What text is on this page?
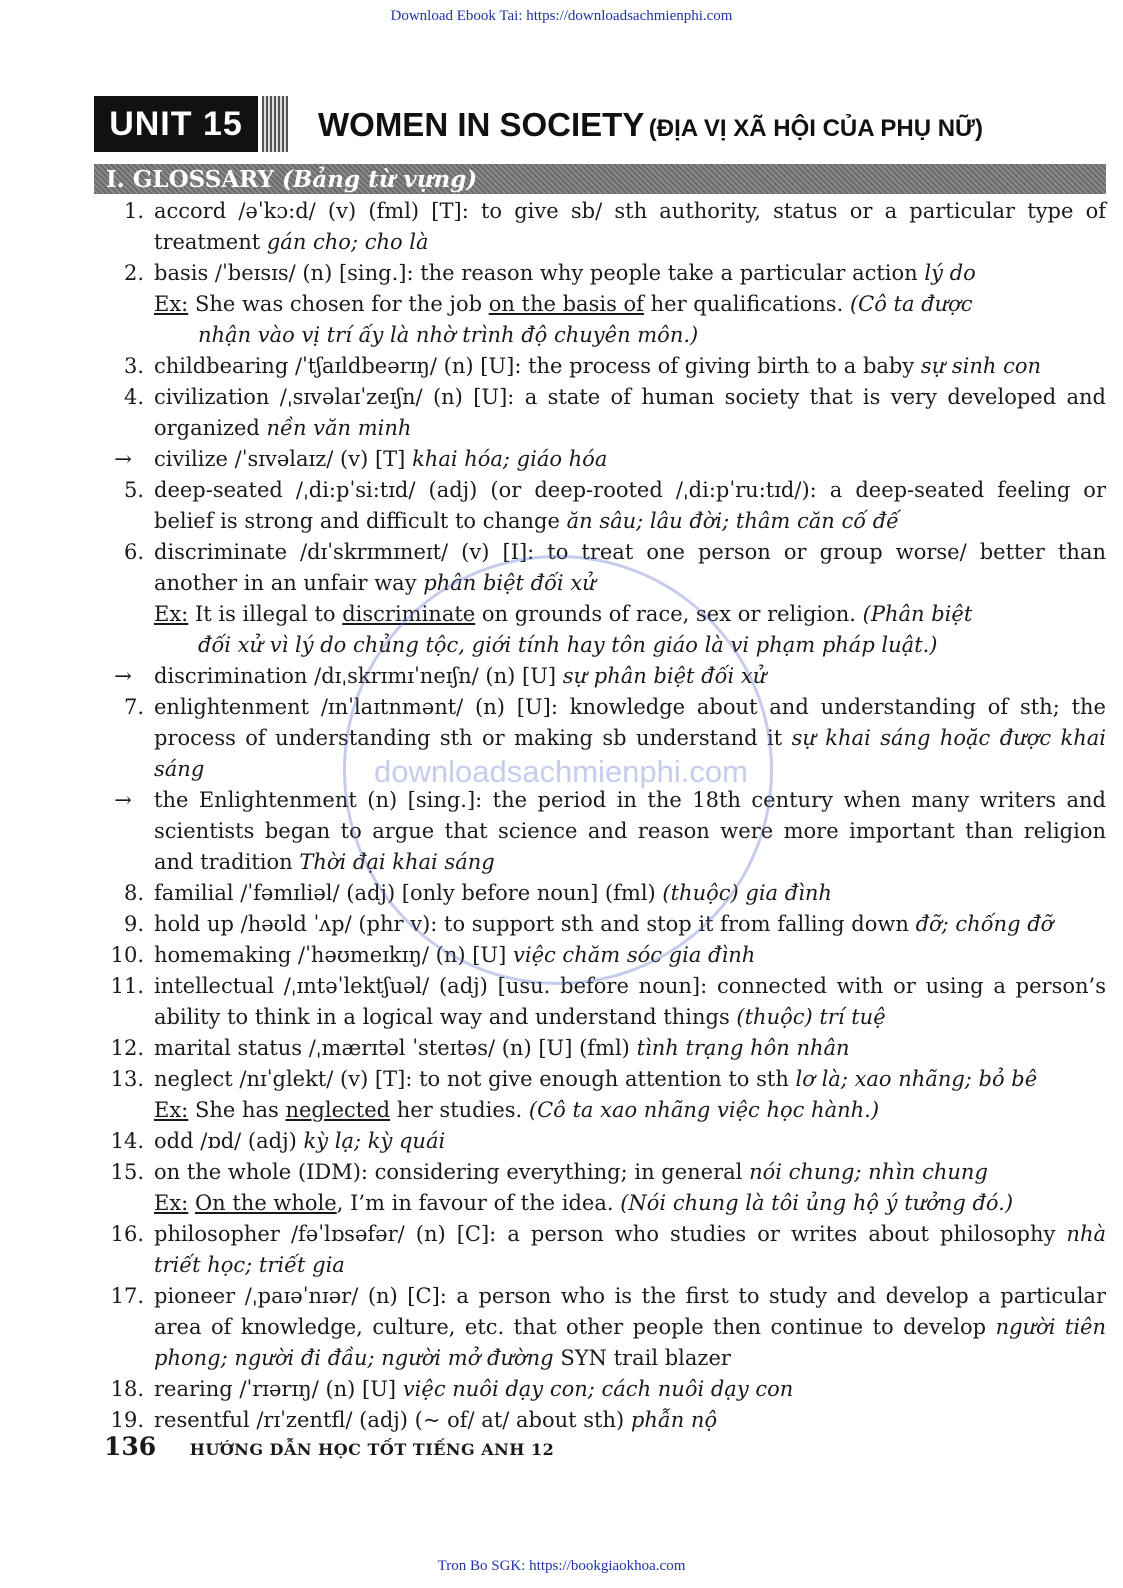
Download Ebook Tai: https://downloadsachmienphi.com
UNIT 15	WOMEN IN SOCIETY (ĐỊA VỊ XÃ HỘI CỦA PHỤ NỮ)
I. GLOSSARY (Bảng từ vựng)
1. accord /əˈkɔ:d/ (v) (fml) [T]: to give sb/ sth authority, status or a particular type of treatment gán cho; cho là
2. basis /ˈbeɪsɪs/ (n) [sing.]: the reason why people take a particular action lý do
Ex: She was chosen for the job on the basis of her qualifications. (Cô ta được
nhận vào vị trí ấy là nhờ trình độ chuyên môn.)
3. childbearing /ˈtʃaɪldbeərɪŋ/ (n) [U]: the process of giving birth to a baby sự sinh con
4. civilization /ˌsɪvəlaɪˈzeɪʃn/ (n) [U]: a state of human society that is very developed and organized nền văn minh
→	civilize /ˈsɪvəlaɪz/ (v) [T] khai hóa; giáo hóa
5. deep-seated /ˌdi:pˈsi:tɪd/ (adj) (or deep-rooted /ˌdi:pˈru:tɪd/): a deep-seated feeling or belief is strong and difficult to change ăn sâu; lâu đời; thâm căn cố đế
6. discriminate /dɪˈskrɪmɪneɪt/ (v) [I]: to treat one person or group worse/ better than another in an unfair way phân biệt đối xử
Ex: It is illegal to discriminate on grounds of race, sex or religion. (Phân biệt
đối xử vì lý do chủng tộc, giới tính hay tôn giáo là vi phạm pháp luật.)
→	discrimination /dɪˌskrɪmɪˈneɪʃn/ (n) [U] sự phân biệt đối xử
7. enlightenment /ɪnˈlaɪtnmənt/ (n) [U]: knowledge about and understanding of sth; the process of understanding sth or making sb understand it sự khai sáng hoặc được khai sáng
→	the Enlightenment (n) [sing.]: the period in the 18th century when many writers and scientists began to argue that science and reason were more important than religion and tradition Thời đại khai sáng
8. familial /ˈfəmɪliəl/ (adj) [only before noun] (fml) (thuộc) gia đình
9. hold up /həʊld ˈʌp/ (phr v): to support sth and stop it from falling down đỡ; chống đỡ
10. homemaking /ˈhəʊmeɪkɪŋ/ (n) [U] việc chăm sóc gia đình
11. intellectual /ˌɪntəˈlektʃuəl/ (adj) [usu. before noun]: connected with or using a person’s ability to think in a logical way and understand things (thuộc) trí tuệ
12. marital status /ˌmærɪtəl ˈsteɪtəs/ (n) [U] (fml) tình trạng hôn nhân
13. neglect /nɪˈglekt/ (v) [T]: to not give enough attention to sth lơ là; xao nhãng; bỏ bê
Ex: She has neglected her studies. (Cô ta xao nhãng việc học hành.)
14. odd /ɒd/ (adj) kỳ lạ; kỳ quái
15. on the whole (IDM): considering everything; in general nói chung; nhìn chung
Ex: On the whole, I’m in favour of the idea. (Nói chung là tôi ủng hộ ý tưởng đó.)
16. philosopher /fəˈlɒsəfər/ (n) [C]: a person who studies or writes about philosophy nhà triết học; triết gia
17. pioneer /ˌpaɪəˈnɪər/ (n) [C]: a person who is the first to study and develop a particular area of knowledge, culture, etc. that other people then continue to develop người tiên phong; người đi đầu; người mở đường SYN trail blazer
18. rearing /ˈrɪərɪŋ/ (n) [U] việc nuôi dạy con; cách nuôi dạy con
19. resentful /rɪˈzentfl/ (adj) (~ of/ at/ about sth) phẫn nộ
downloadsachmienphi.com
136 HƯỚNG DẪN HỌC TỐT TIẾNG ANH 12
Tron Bo SGK: https://bookgiaokhoa.com
